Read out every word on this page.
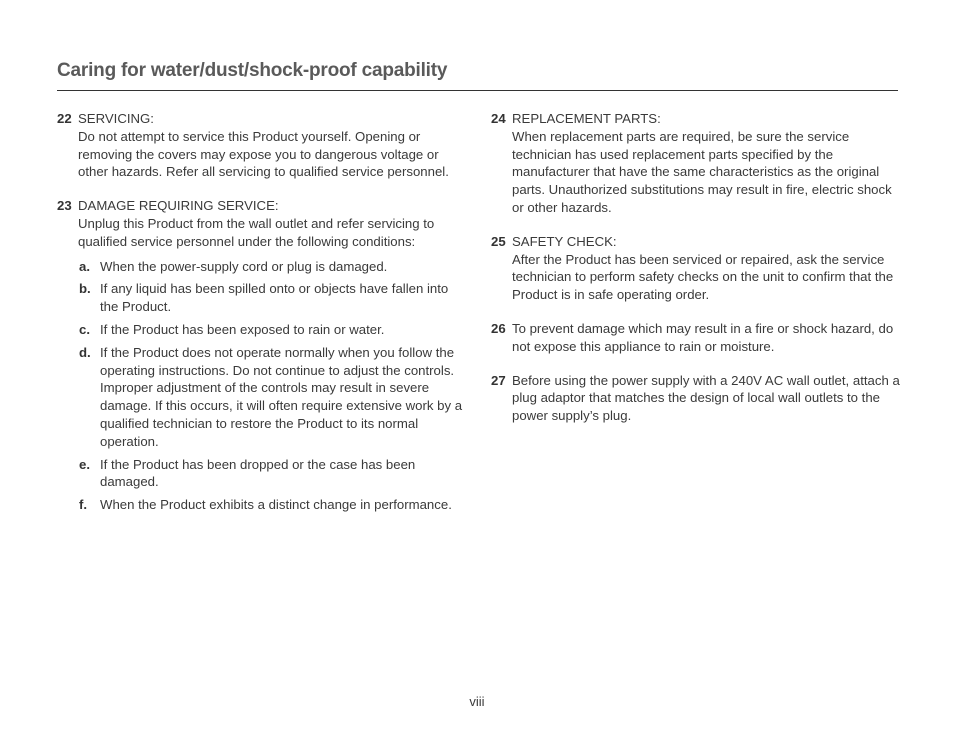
Caring for water/dust/shock-proof capability
22 SERVICING:
Do not attempt to service this Product yourself. Opening or removing the covers may expose you to dangerous voltage or other hazards. Refer all servicing to qualified service personnel.
23 DAMAGE REQUIRING SERVICE:
Unplug this Product from the wall outlet and refer servicing to qualified service personnel under the following conditions:
a. When the power-supply cord or plug is damaged.
b. If any liquid has been spilled onto or objects have fallen into the Product.
c. If the Product has been exposed to rain or water.
d. If the Product does not operate normally when you follow the operating instructions. Do not continue to adjust the controls. Improper adjustment of the controls may result in severe damage. If this occurs, it will often require extensive work by a qualified technician to restore the Product to its normal operation.
e. If the Product has been dropped or the case has been damaged.
f. When the Product exhibits a distinct change in performance.
24 REPLACEMENT PARTS:
When replacement parts are required, be sure the service technician has used replacement parts specified by the manufacturer that have the same characteristics as the original parts. Unauthorized substitutions may result in fire, electric shock or other hazards.
25 SAFETY CHECK:
After the Product has been serviced or repaired, ask the service technician to perform safety checks on the unit to confirm that the Product is in safe operating order.
26 To prevent damage which may result in a fire or shock hazard, do not expose this appliance to rain or moisture.
27 Before using the power supply with a 240V AC wall outlet, attach a plug adaptor that matches the design of local wall outlets to the power supply’s plug.
viii
